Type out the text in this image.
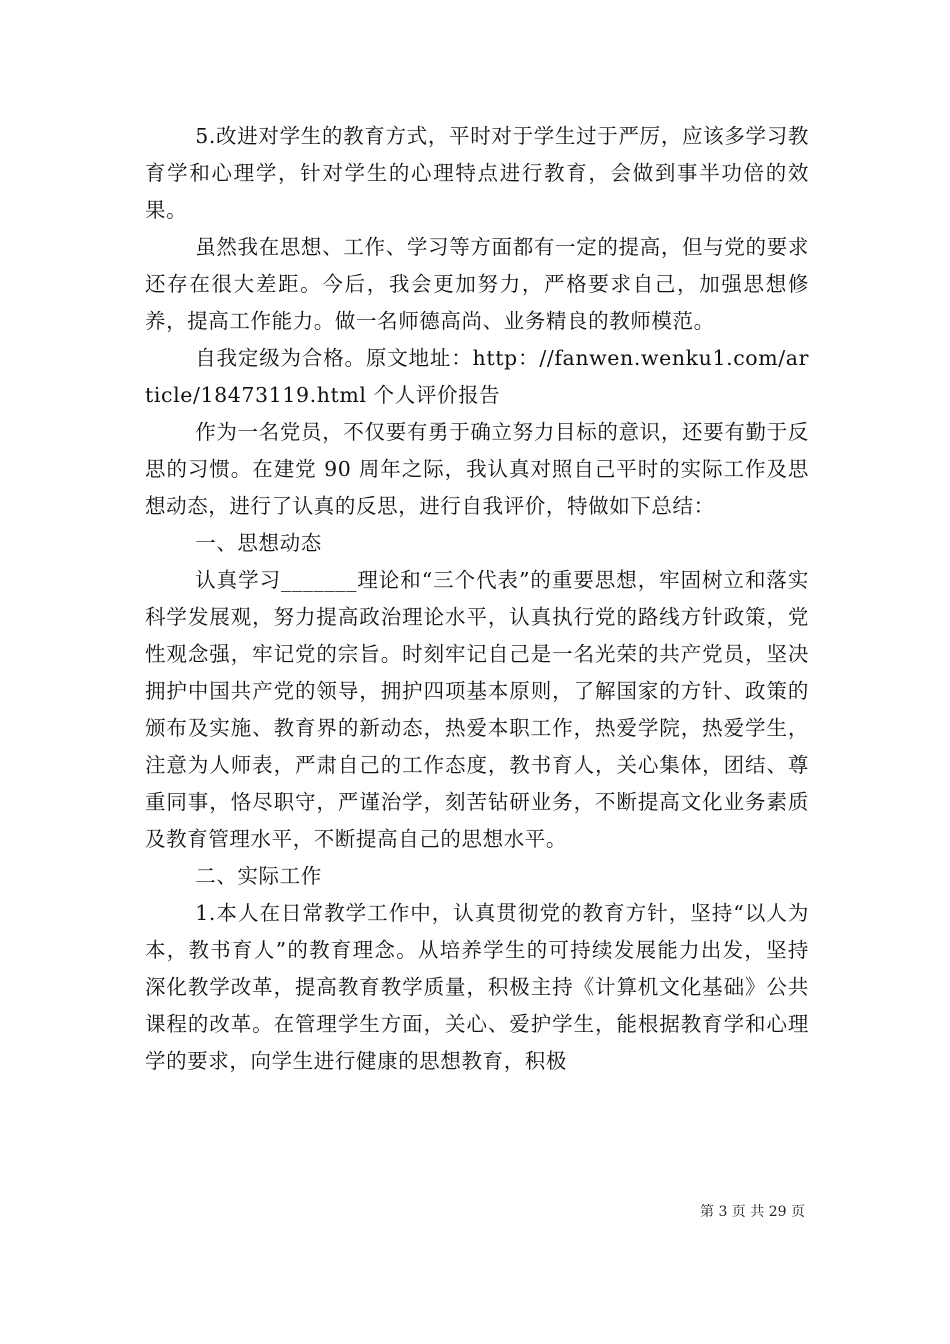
5.改进对学生的教育方式，平时对于学生过于严厉，应该多学习教育学和心理学，针对学生的心理特点进行教育，会做到事半功倍的效果。

虽然我在思想、工作、学习等方面都有一定的提高，但与党的要求还存在很大差距。今后，我会更加努力，严格要求自己，加强思想修养，提高工作能力。做一名师德高尚、业务精良的教师模范。

自我定级为合格。原文地址：http：//fanwen.wenku1.com/article/18473119.html 个人评价报告

作为一名党员，不仅要有勇于确立努力目标的意识，还要有勤于反思的习惯。在建党 90 周年之际，我认真对照自己平时的实际工作及思想动态，进行了认真的反思，进行自我评价，特做如下总结：

一、思想动态

认真学习_______理论和“三个代表”的重要思想，牢固树立和落实科学发展观，努力提高政治理论水平，认真执行党的路线方针政策，党性观念强，牢记党的宗旨。时刻牢记自己是一名光荣的共产党员，坚决拥护中国共产党的领导，拥护四项基本原则，了解国家的方针、政策的颁布及实施、教育界的新动态，热爱本职工作，热爱学院，热爱学生，注意为人师表，严肃自己的工作态度，教书育人，关心集体，团结、尊重同事，恪尽职守，严谨治学，刻苦钻研业务，不断提高文化业务素质及教育管理水平，不断提高自己的思想水平。

二、实际工作

1.本人在日常教学工作中，认真贯彻党的教育方针，坚持“以人为本，教书育人”的教育理念。从培养学生的可持续发展能力出发，坚持深化教学改革，提高教育教学质量，积极主持《计算机文化基础》公共课程的改革。在管理学生方面，关心、爱护学生，能根据教育学和心理学的要求，向学生进行健康的思想教育，积极

第 3 页 共 29 页
